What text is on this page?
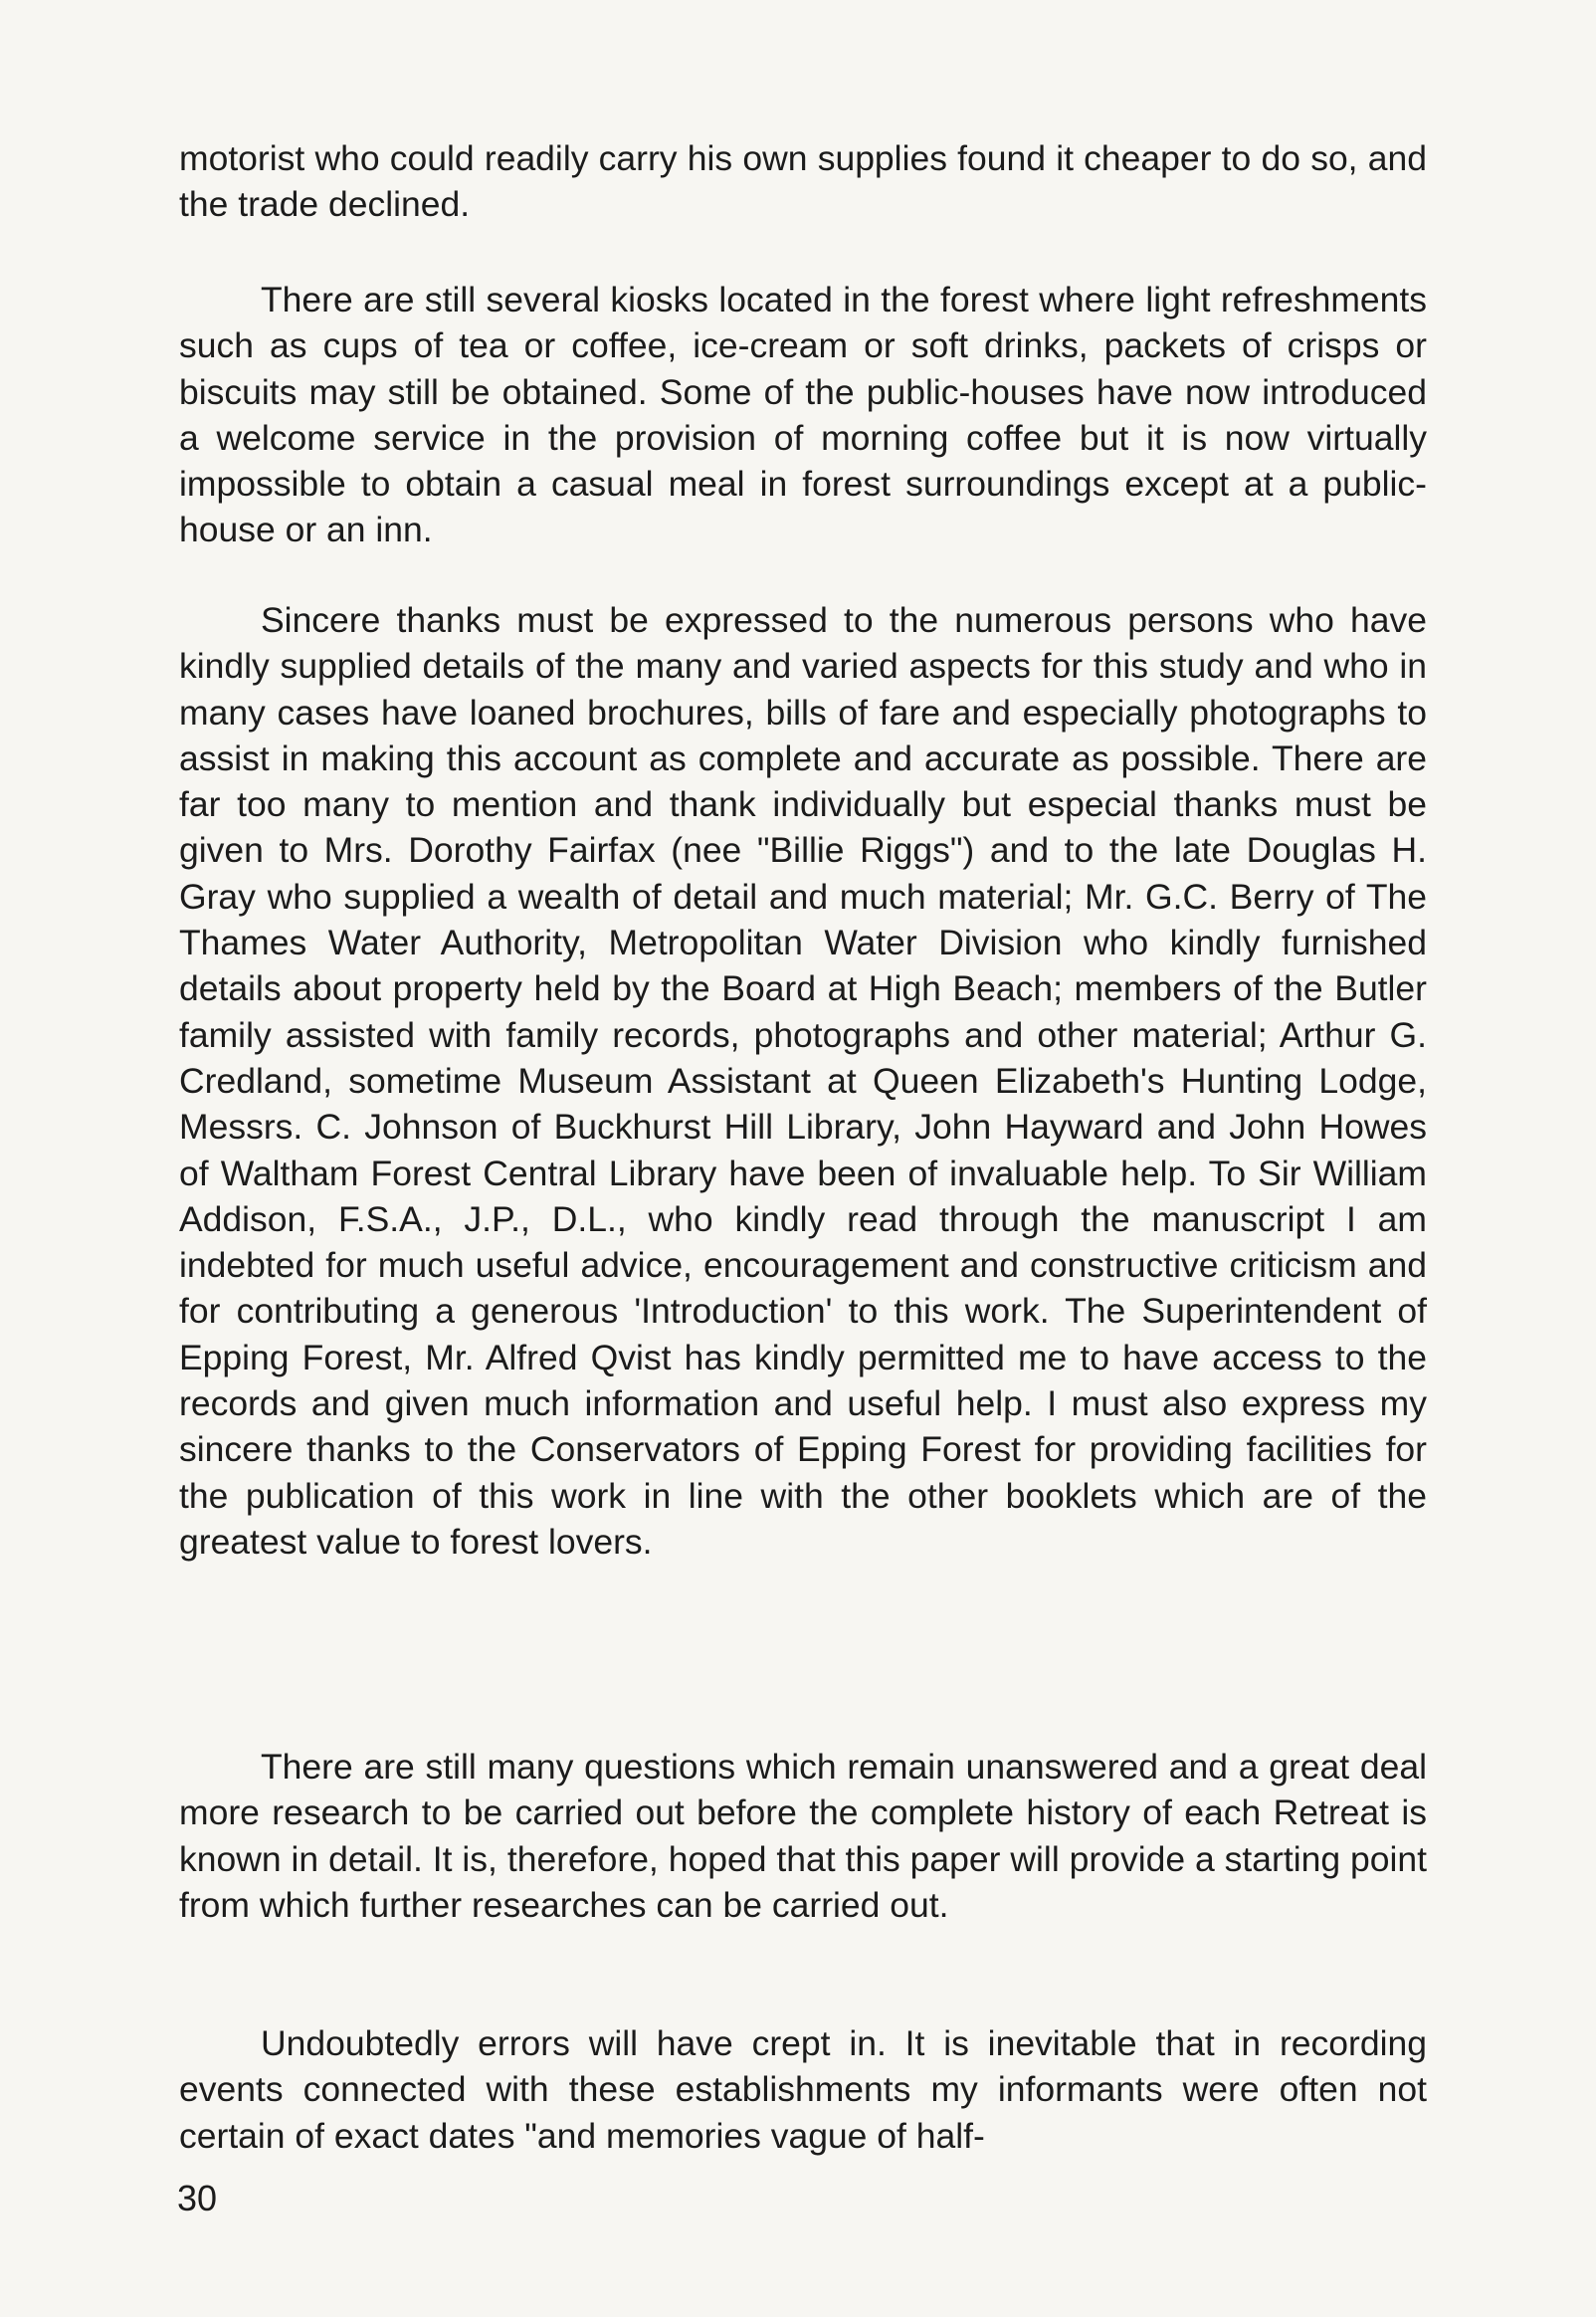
motorist who could readily carry his own supplies found it cheaper to do so, and the trade declined.

There are still several kiosks located in the forest where light refreshments such as cups of tea or coffee, ice-cream or soft drinks, packets of crisps or biscuits may still be obtained. Some of the public-houses have now introduced a welcome service in the provision of morning coffee but it is now virtually impossible to obtain a casual meal in forest surroundings except at a public-house or an inn.

Sincere thanks must be expressed to the numerous persons who have kindly supplied details of the many and varied aspects for this study and who in many cases have loaned brochures, bills of fare and especially photographs to assist in making this account as complete and accurate as possible. There are far too many to mention and thank individually but especial thanks must be given to Mrs. Dorothy Fairfax (nee "Billie Riggs") and to the late Douglas H. Gray who supplied a wealth of detail and much material; Mr. G.C. Berry of The Thames Water Authority, Metropolitan Water Division who kindly furnished details about property held by the Board at High Beach; members of the Butler family assisted with family records, photographs and other material; Arthur G. Credland, sometime Museum Assistant at Queen Elizabeth's Hunting Lodge, Messrs. C. Johnson of Buckhurst Hill Library, John Hayward and John Howes of Waltham Forest Central Library have been of invaluable help. To Sir William Addison, F.S.A., J.P., D.L., who kindly read through the manuscript I am indebted for much useful advice, encouragement and constructive criticism and for contributing a generous 'Introduction' to this work. The Superintendent of Epping Forest, Mr. Alfred Qvist has kindly permitted me to have access to the records and given much information and useful help. I must also express my sincere thanks to the Conservators of Epping Forest for providing facilities for the publication of this work in line with the other booklets which are of the greatest value to forest lovers.

There are still many questions which remain unanswered and a great deal more research to be carried out before the complete history of each Retreat is known in detail. It is, therefore, hoped that this paper will provide a starting point from which further researches can be carried out.

Undoubtedly errors will have crept in. It is inevitable that in recording events connected with these establishments my informants were often not certain of exact dates "and memories vague of half-

30
